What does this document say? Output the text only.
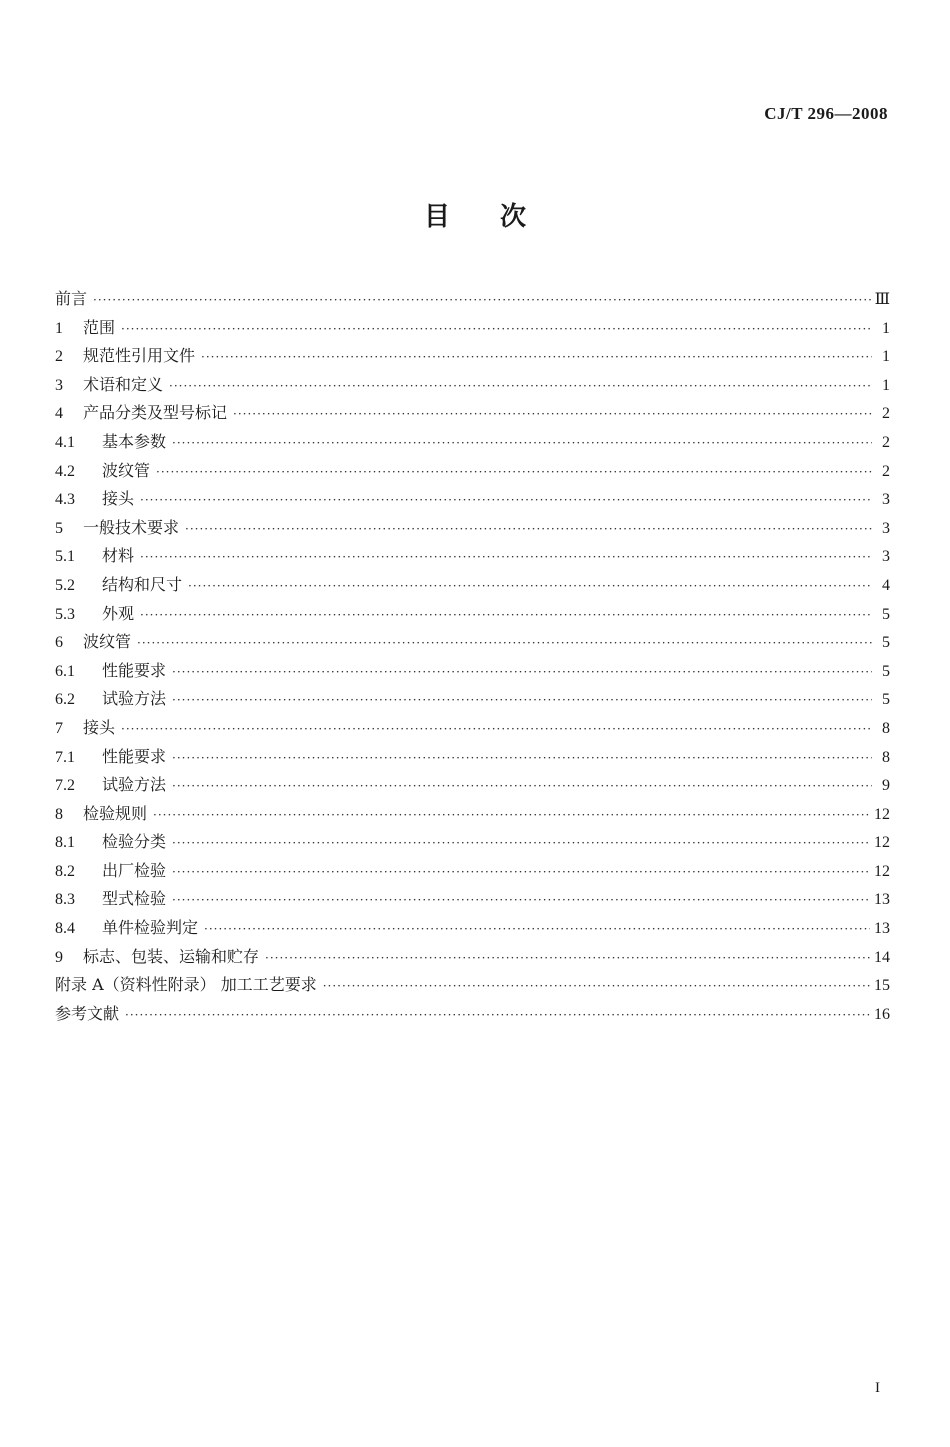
CJ/T 296—2008
目次
前言 ·····	Ⅲ
1	范围 ·····	1
2	规范性引用文件 ·····	1
3	术语和定义 ·····	1
4	产品分类及型号标记 ·····	2
4.1	基本参数 ·····	2
4.2	波纹管 ·····	2
4.3	接头 ·····	3
5	一般技术要求 ·····	3
5.1	材料 ·····	3
5.2	结构和尺寸 ·····	4
5.3	外观 ·····	5
6	波纹管 ·····	5
6.1	性能要求 ·····	5
6.2	试验方法 ·····	5
7	接头 ·····	8
7.1	性能要求 ·····	8
7.2	试验方法 ·····	9
8	检验规则 ·····	12
8.1	检验分类 ·····	12
8.2	出厂检验 ·····	12
8.3	型式检验 ·····	13
8.4	单件检验判定 ·····	13
9	标志、包装、运输和贮存 ·····	14
附录 A（资料性附录） 加工工艺要求 ·····	15
参考文献 ·····	16
I
